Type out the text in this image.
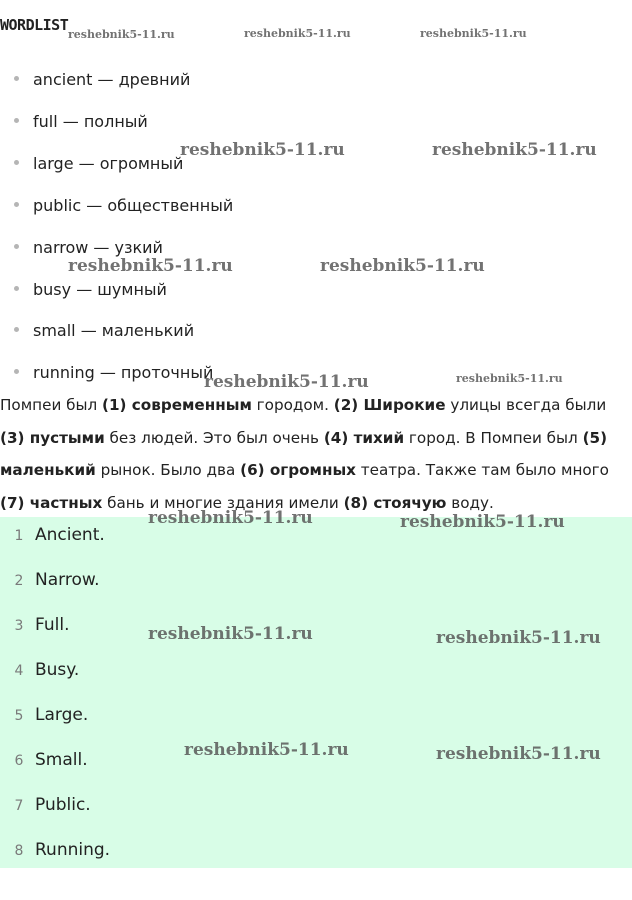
WORDLIST
ancient — древний
full — полный
large — огромный
public — общественный
narrow — узкий
busy — шумный
small — маленький
running — проточный
Помпеи был (1) современным городом. (2) Широкие улицы всегда были (3) пустыми без людей. Это был очень (4) тихий город. В Помпеи был (5) маленький рынок. Было два (6) огромных театра. Также там было много (7) частных бань и многие здания имели (8) стоячую воду.
1 Ancient.
2 Narrow.
3 Full.
4 Busy.
5 Large.
6 Small.
7 Public.
8 Running.
reshebnik5-11.ru	reshebnik5-11.ru	reshebnik5-11.ru
reshebnik5-11.ru	reshebnik5-11.ru
reshebnik5-11.ru	reshebnik5-11.ru
reshebnik5-11.ru	reshebnik5-11.ru
reshebnik5-11.ru	reshebnik5-11.ru
reshebnik5-11.ru	reshebnik5-11.ru
reshebnik5-11.ru	reshebnik5-11.ru
